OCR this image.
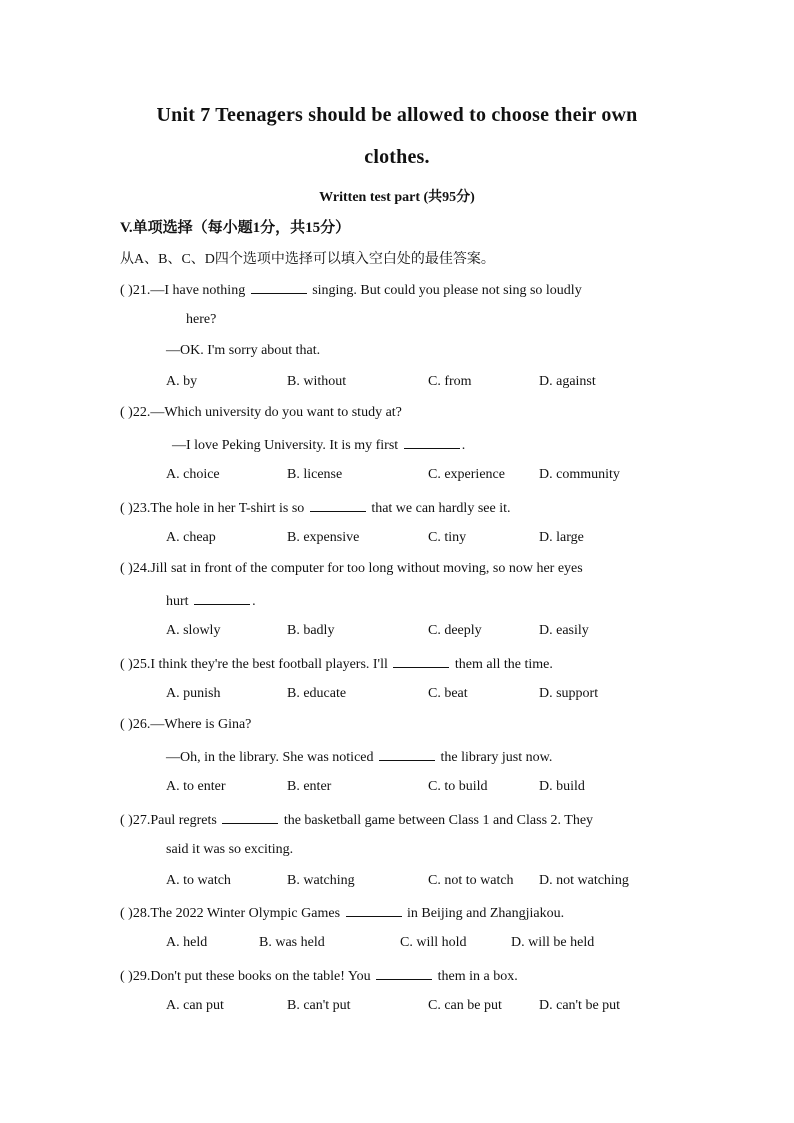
Unit 7 Teenagers should be allowed to choose their own
clothes.
Written test part (共95分)
V.单项选择（每小题1分，共15分）
从A、B、C、D四个选项中选择可以填入空白处的最佳答案。
( )21.—I have nothing	singing. But could you please not sing so loudly
here?
—OK. I'm sorry about that.
A. by	B. without	C. from	D. against
( )22.—Which university do you want to study at?
—I love Peking University. It is my first	.
A. choice	B. license	C. experience D. community
( )23.The hole in her T-shirt is so	that we can hardly see it.
A. cheap	B. expensive	C. tiny	D. large
( )24.Jill sat in front of the computer for too long without moving, so now her eyes
hurt	.
A. slowly	B. badly	C. deeply	D. easily
( )25.I think they're the best football players. I'll	them all the time.
A. punish	B. educate	C. beat	D. support
( )26.—Where is Gina?
—Oh, in the library. She was noticed	the library just now.
A. to enter	B. enter	C. to build	D. build
( )27.Paul regrets	the basketball game between Class 1 and Class 2. They
said it was so exciting.
A. to watch	B. watching	C. not to watch D. not watching
( )28.The 2022 Winter Olympic Games	in Beijing and Zhangjiakou.
A. held	B. was held	C. will hold	D. will be held
( )29.Don't put these books on the table! You	them in a box.
A. can put	B. can't put	C. can be put	D. can't be put
